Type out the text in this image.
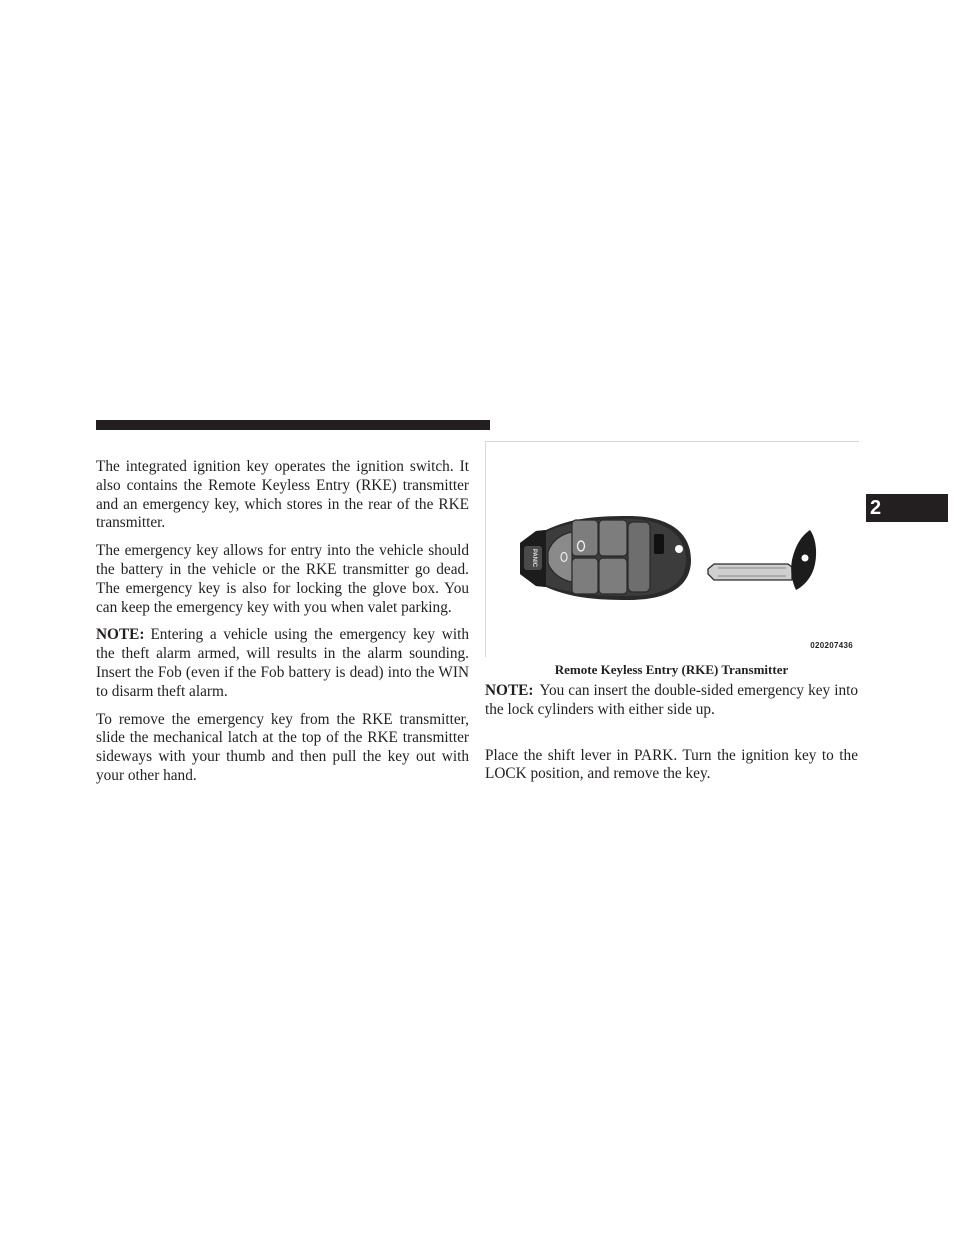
The integrated ignition key operates the ignition switch. It also contains the Remote Keyless Entry (RKE) transmitter and an emergency key, which stores in the rear of the RKE transmitter.

The emergency key allows for entry into the vehicle should the battery in the vehicle or the RKE transmitter go dead. The emergency key is also for locking the glove box. You can keep the emergency key with you when valet parking.

NOTE: Entering a vehicle using the emergency key with the theft alarm armed, will results in the alarm sounding. Insert the Fob (even if the Fob battery is dead) into the WIN to disarm theft alarm.

To remove the emergency key from the RKE transmitter, slide the mechanical latch at the top of the RKE transmitter sideways with your thumb and then pull the key out with your other hand.

PANIC
020207436
Remote Keyless Entry (RKE) Transmitter

NOTE: You can insert the double-sided emergency key into the lock cylinders with either side up.

Place the shift lever in PARK. Turn the ignition key to the LOCK position, and remove the key.

2
